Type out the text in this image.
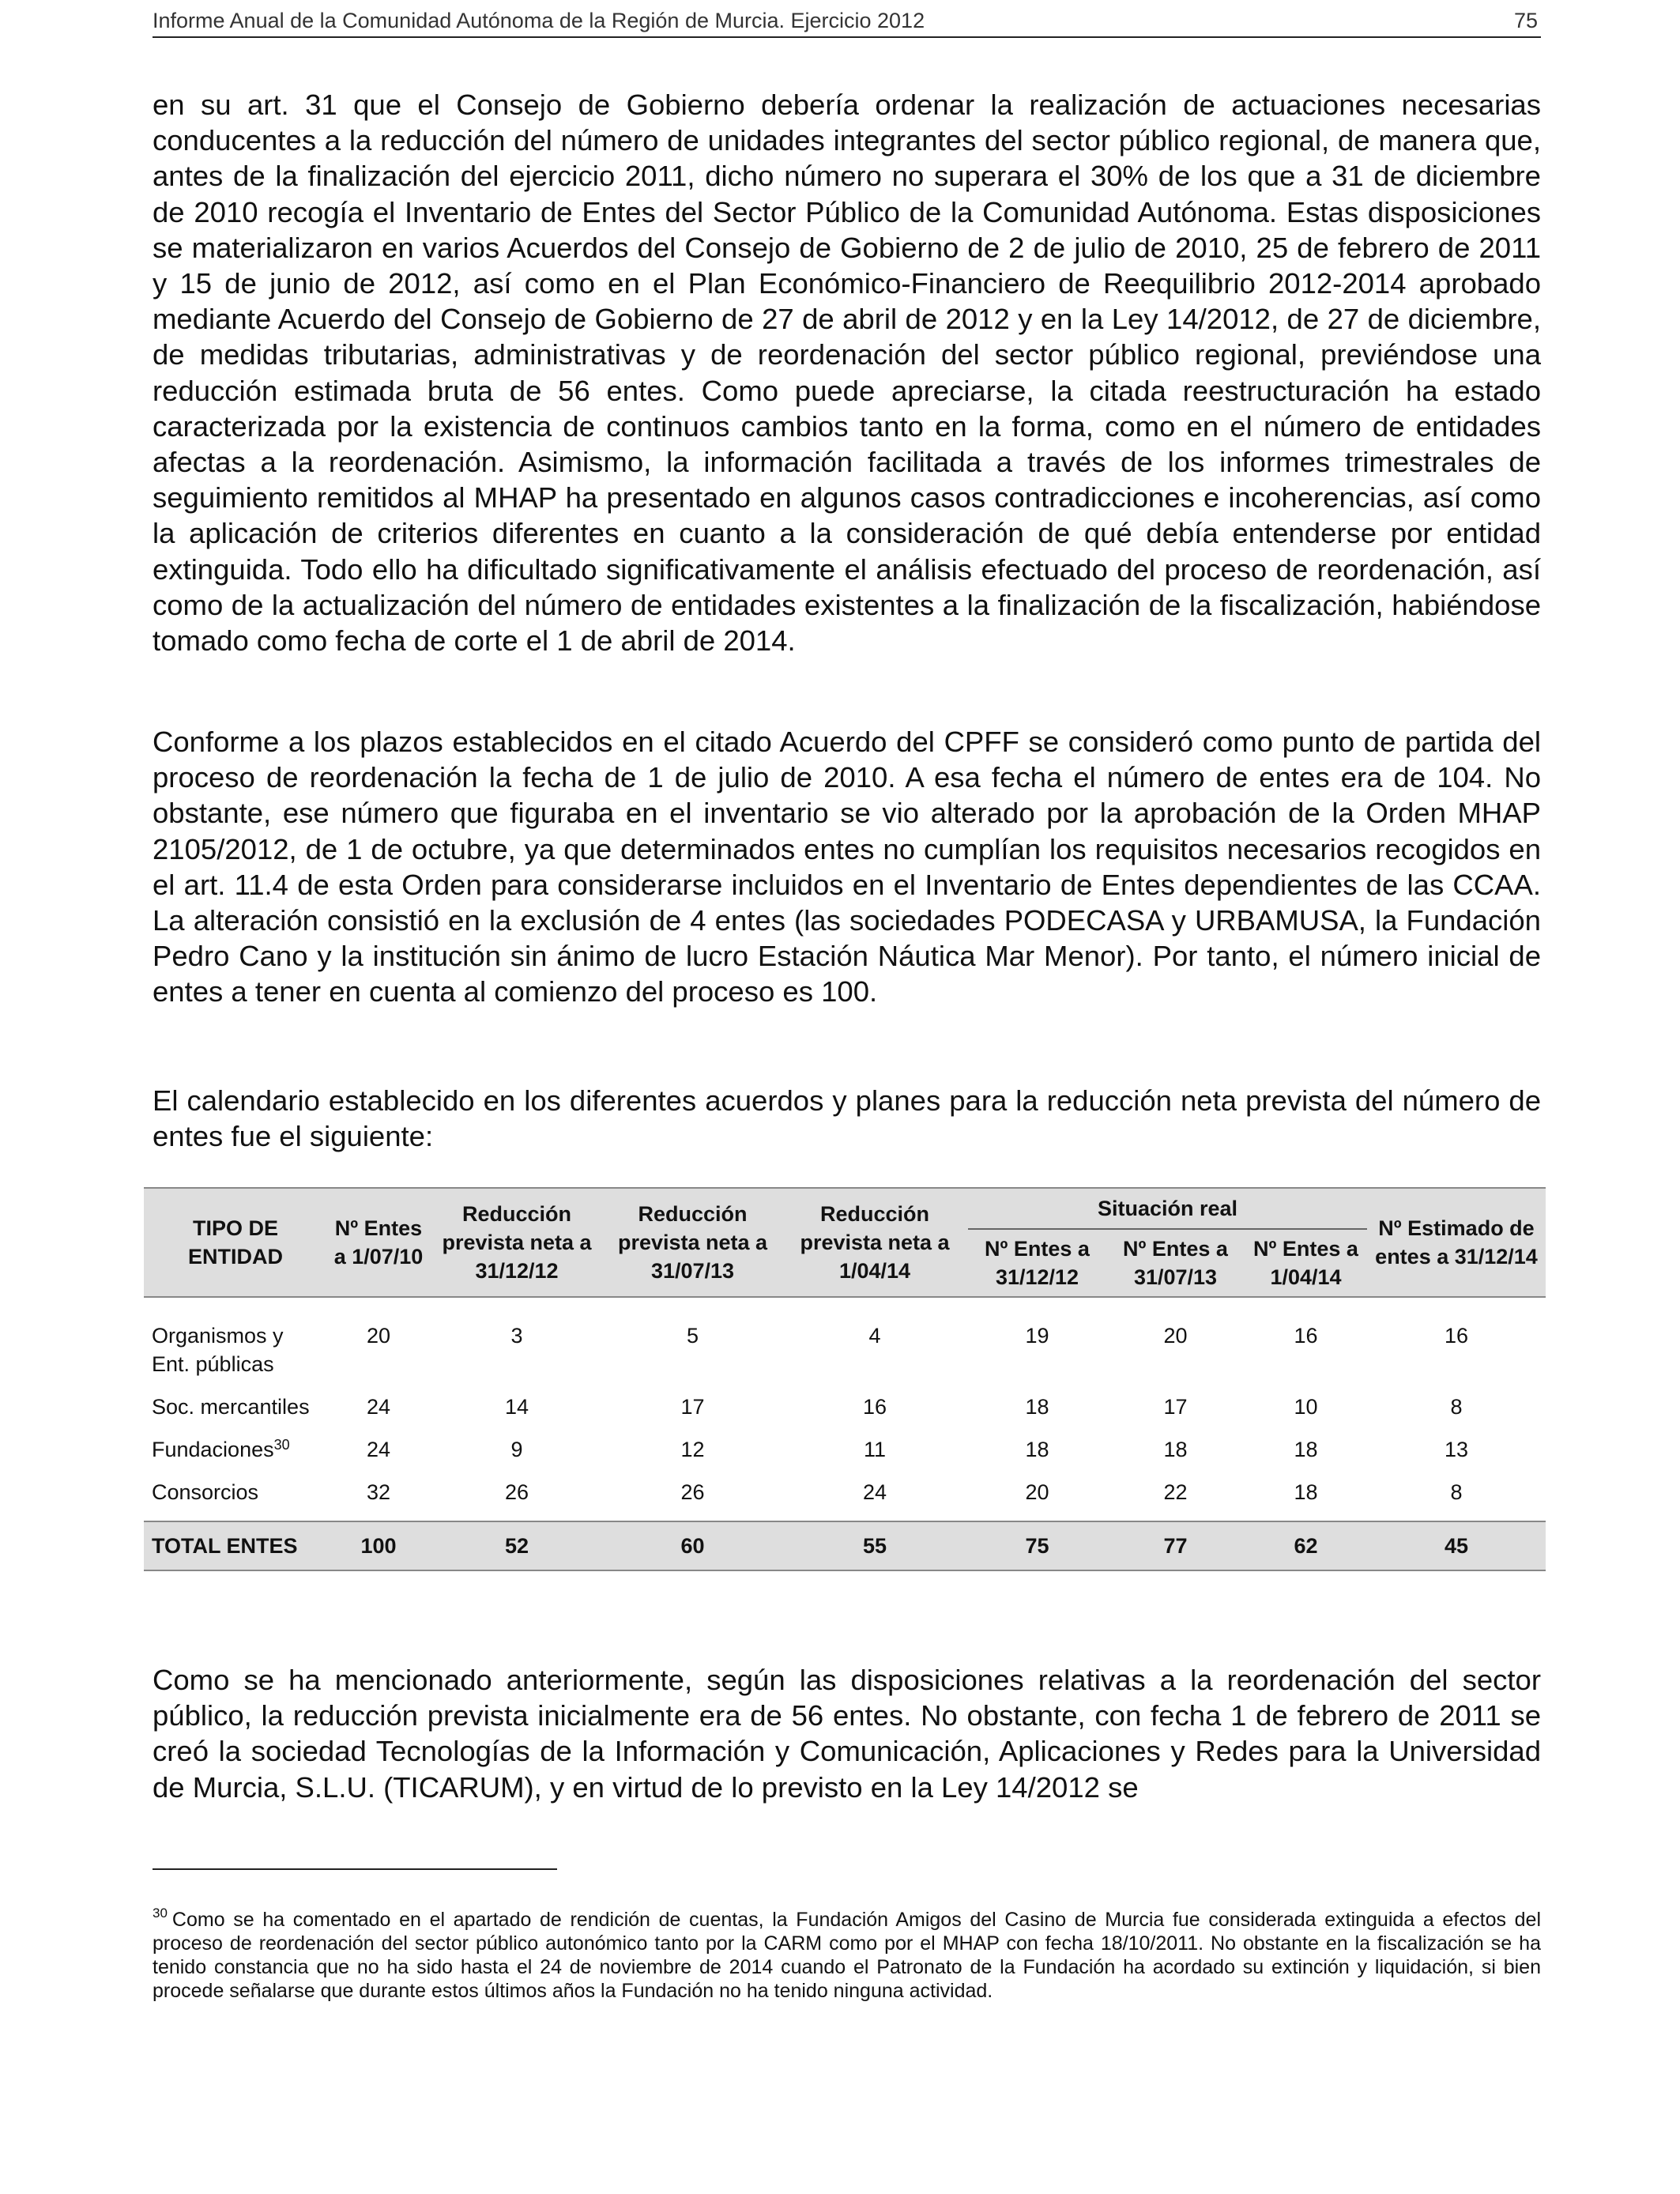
Informe Anual de la Comunidad Autónoma de la Región de Murcia. Ejercicio 2012	75

en su art. 31 que el Consejo de Gobierno debería ordenar la realización de actuaciones necesarias conducentes a la reducción del número de unidades integrantes del sector público regional, de manera que, antes de la finalización del ejercicio 2011, dicho número no superara el 30% de los que a 31 de diciembre de 2010 recogía el Inventario de Entes del Sector Público de la Comunidad Autónoma. Estas disposiciones se materializaron en varios Acuerdos del Consejo de Gobierno de 2 de julio de 2010, 25 de febrero de 2011 y 15 de junio de 2012, así como en el Plan Económico-Financiero de Reequilibrio 2012-2014 aprobado mediante Acuerdo del Consejo de Gobierno de 27 de abril de 2012 y en la Ley 14/2012, de 27 de diciembre, de medidas tributarias, administrativas y de reordenación del sector público regional, previéndose una reducción estimada bruta de 56 entes. Como puede apreciarse, la citada reestructuración ha estado caracterizada por la existencia de continuos cambios tanto en la forma, como en el número de entidades afectas a la reordenación. Asimismo, la información facilitada a través de los informes trimestrales de seguimiento remitidos al MHAP ha presentado en algunos casos contradicciones e incoherencias, así como la aplicación de criterios diferentes en cuanto a la consideración de qué debía entenderse por entidad extinguida. Todo ello ha dificultado significativamente el análisis efectuado del proceso de reordenación, así como de la actualización del número de entidades existentes a la finalización de la fiscalización, habiéndose tomado como fecha de corte el 1 de abril de 2014.

Conforme a los plazos establecidos en el citado Acuerdo del CPFF se consideró como punto de partida del proceso de reordenación la fecha de 1 de julio de 2010. A esa fecha el número de entes era de 104. No obstante, ese número que figuraba en el inventario se vio alterado por la aprobación de la Orden MHAP 2105/2012, de 1 de octubre, ya que determinados entes no cumplían los requisitos necesarios recogidos en el art. 11.4 de esta Orden para considerarse incluidos en el Inventario de Entes dependientes de las CCAA. La alteración consistió en la exclusión de 4 entes (las sociedades PODECASA y URBAMUSA, la Fundación Pedro Cano y la institución sin ánimo de lucro Estación Náutica Mar Menor). Por tanto, el número inicial de entes a tener en cuenta al comienzo del proceso es 100.

El calendario establecido en los diferentes acuerdos y planes para la reducción neta prevista del número de entes fue el siguiente:

TIPO DE ENTIDAD	Nº Entes a 1/07/10	Reducción prevista neta a 31/12/12	Reducción prevista neta a 31/07/13	Reducción prevista neta a 1/04/14	Situación real			Nº Estimado de entes a 31/12/14
					Nº Entes a 31/12/12	Nº Entes a 31/07/13	Nº Entes a 1/04/14	
Organismos y Ent. públicas	20	3	5	4	19	20	16	16
Soc. mercantiles	24	14	17	16	18	17	10	8
Fundaciones$^{30}$	24	9	12	11	18	18	18	13
Consorcios	32	26	26	24	20	22	18	8

TOTAL ENTES	100	52	60	55	75	77	62	45

Como se ha mencionado anteriormente, según las disposiciones relativas a la reordenación del sector público, la reducción prevista inicialmente era de 56 entes. No obstante, con fecha 1 de febrero de 2011 se creó la sociedad Tecnologías de la Información y Comunicación, Aplicaciones y Redes para la Universidad de Murcia, S.L.U. (TICARUM), y en virtud de lo previsto en la Ley 14/2012 se

$^{30}$ Como se ha comentado en el apartado de rendición de cuentas, la Fundación Amigos del Casino de Murcia fue considerada extinguida a efectos del proceso de reordenación del sector público autonómico tanto por la CARM como por el MHAP con fecha 18/10/2011. No obstante en la fiscalización se ha tenido constancia que no ha sido hasta el 24 de noviembre de 2014 cuando el Patronato de la Fundación ha acordado su extinción y liquidación, si bien procede señalarse que durante estos últimos años la Fundación no ha tenido ninguna actividad.
